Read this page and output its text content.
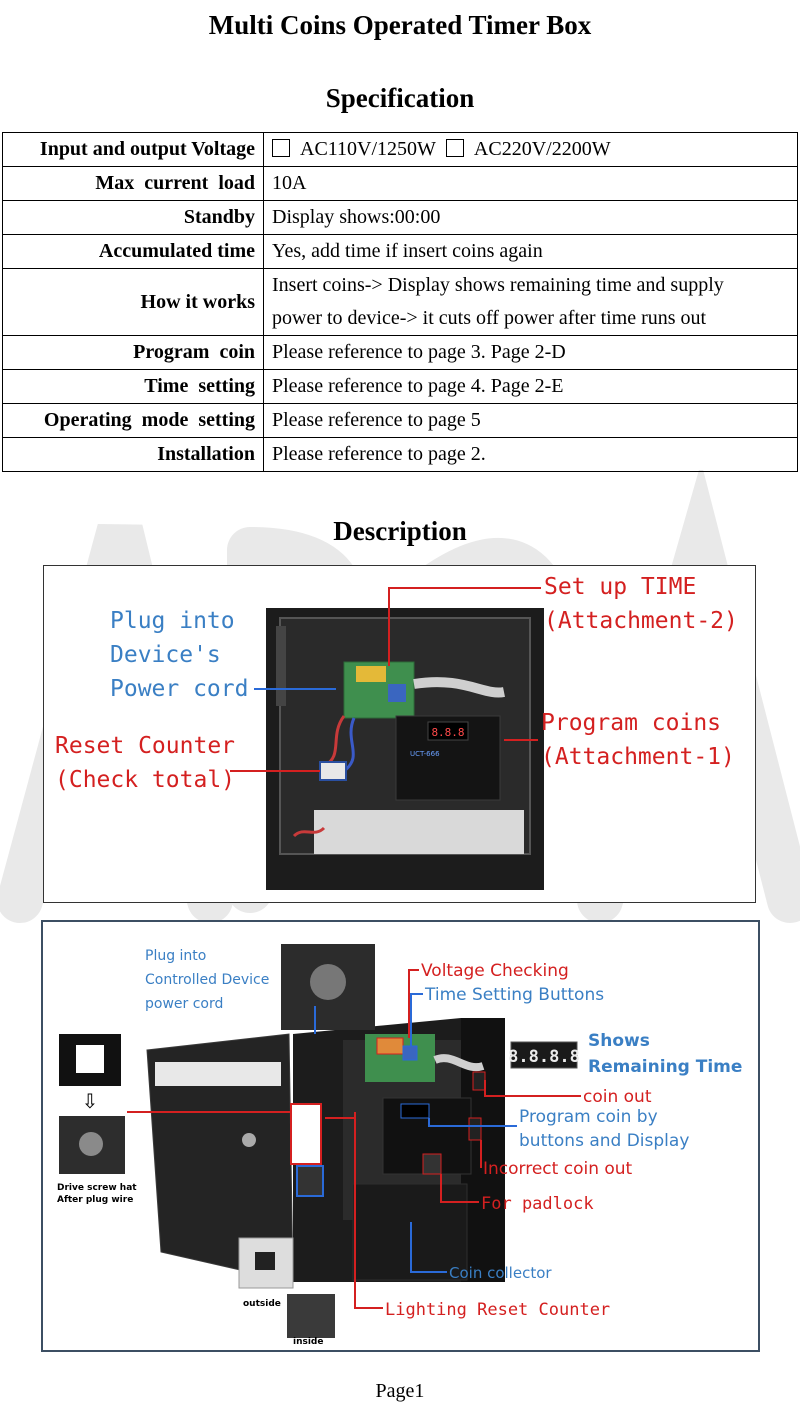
Multi Coins Operated Timer Box
Specification
Input and output Voltage	AC110V/1250W AC220V/2200W
Max  current  load	10A
Standby	Display shows:00:00
Accumulated time	Yes, add time if insert coins again
How it works	Insert coins-> Display shows remaining time and supply
power to device-> it cuts off power after time runs out

Program  coin	Please reference to page 3. Page 2-D
Time  setting	Please reference to page 4. Page 2-E
Operating  mode  setting	Please reference to page 5
Installation	Please reference to page 2.
Description
8.8.8
UCT-666
Plug into
Device's
Power cord
Reset Counter
(Check total)
Set up TIME
(Attachment-2)
Program coins
(Attachment-1)
⇩
Drive screw hat
After plug wire
outside
inside
8.8.8.8
Plug into
Controlled Device
power cord
Voltage Checking
Time Setting Buttons
Shows
Remaining Time
coin out
Program coin by
buttons and Display
Incorrect coin out
For padlock
Coin collector
Lighting Reset Counter
Page1
